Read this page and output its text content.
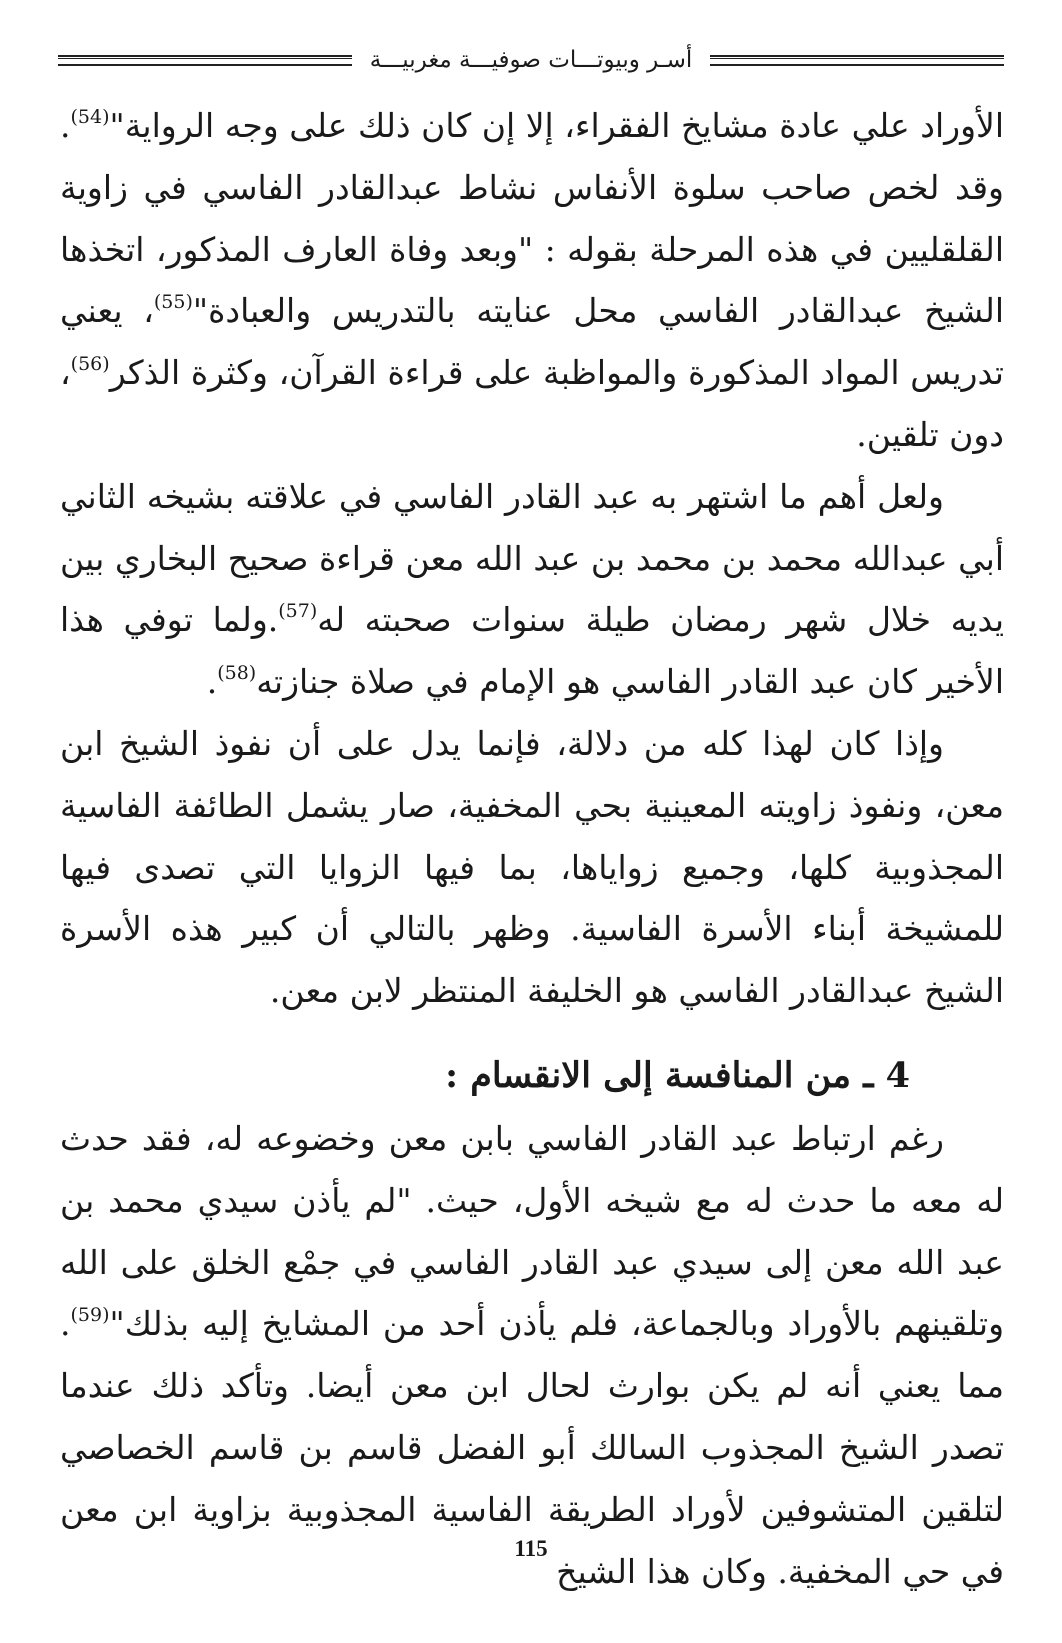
أسـر وبيوتـــات صوفيـــة مغربيـــة

الأوراد علي عادة مشايخ الفقراء، إلا إن كان ذلك على وجه الرواية"$^{(54)}$. وقد لخص صاحب سلوة الأنفاس نشاط عبدالقادر الفاسي في زاوية القلقليين في هذه المرحلة بقوله : "وبعد وفاة العارف المذكور، اتخذها الشيخ عبدالقادر الفاسي محل عنايته بالتدريس والعبادة"$^{(55)}$، يعني تدريس المواد المذكورة والمواظبة على قراءة القرآن، وكثرة الذكر$^{(56)}$، دون تلقين.

ولعل أهم ما اشتهر به عبد القادر الفاسي في علاقته بشيخه الثاني أبي عبدالله محمد بن محمد بن عبد الله معن قراءة صحيح البخاري بين يديه خلال شهر رمضان طيلة سنوات صحبته له$^{(57)}$.ولما توفي هذا الأخير كان عبد القادر الفاسي هو الإمام في صلاة جنازته$^{(58)}$.

وإذا كان لهذا كله من دلالة، فإنما يدل على أن نفوذ الشيخ ابن معن، ونفوذ زاويته المعينية بحي المخفية، صار يشمل الطائفة الفاسية المجذوبية كلها، وجميع زواياها، بما فيها الزوايا التي تصدى فيها للمشيخة أبناء الأسرة الفاسية. وظهر بالتالي أن كبير هذه الأسرة الشيخ عبدالقادر الفاسي هو الخليفة المنتظر لابن معن.

4 ـ من المنافسة إلى الانقسام :

رغم ارتباط عبد القادر الفاسي بابن معن وخضوعه له، فقد حدث له معه ما حدث له مع شيخه الأول، حيث. "لم يأذن سيدي محمد بن عبد الله معن إلى سيدي عبد القادر الفاسي في جمْع الخلق على الله وتلقينهم بالأوراد وبالجماعة، فلم يأذن أحد من المشايخ إليه بذلك"$^{(59)}$. مما يعني أنه لم يكن بوارث لحال ابن معن أيضا. وتأكد ذلك عندما تصدر الشيخ المجذوب السالك أبو الفضل قاسم بن قاسم الخصاصي لتلقين المتشوفين لأوراد الطريقة الفاسية المجذوبية بزاوية ابن معن في حي المخفية. وكان هذا الشيخ

115
